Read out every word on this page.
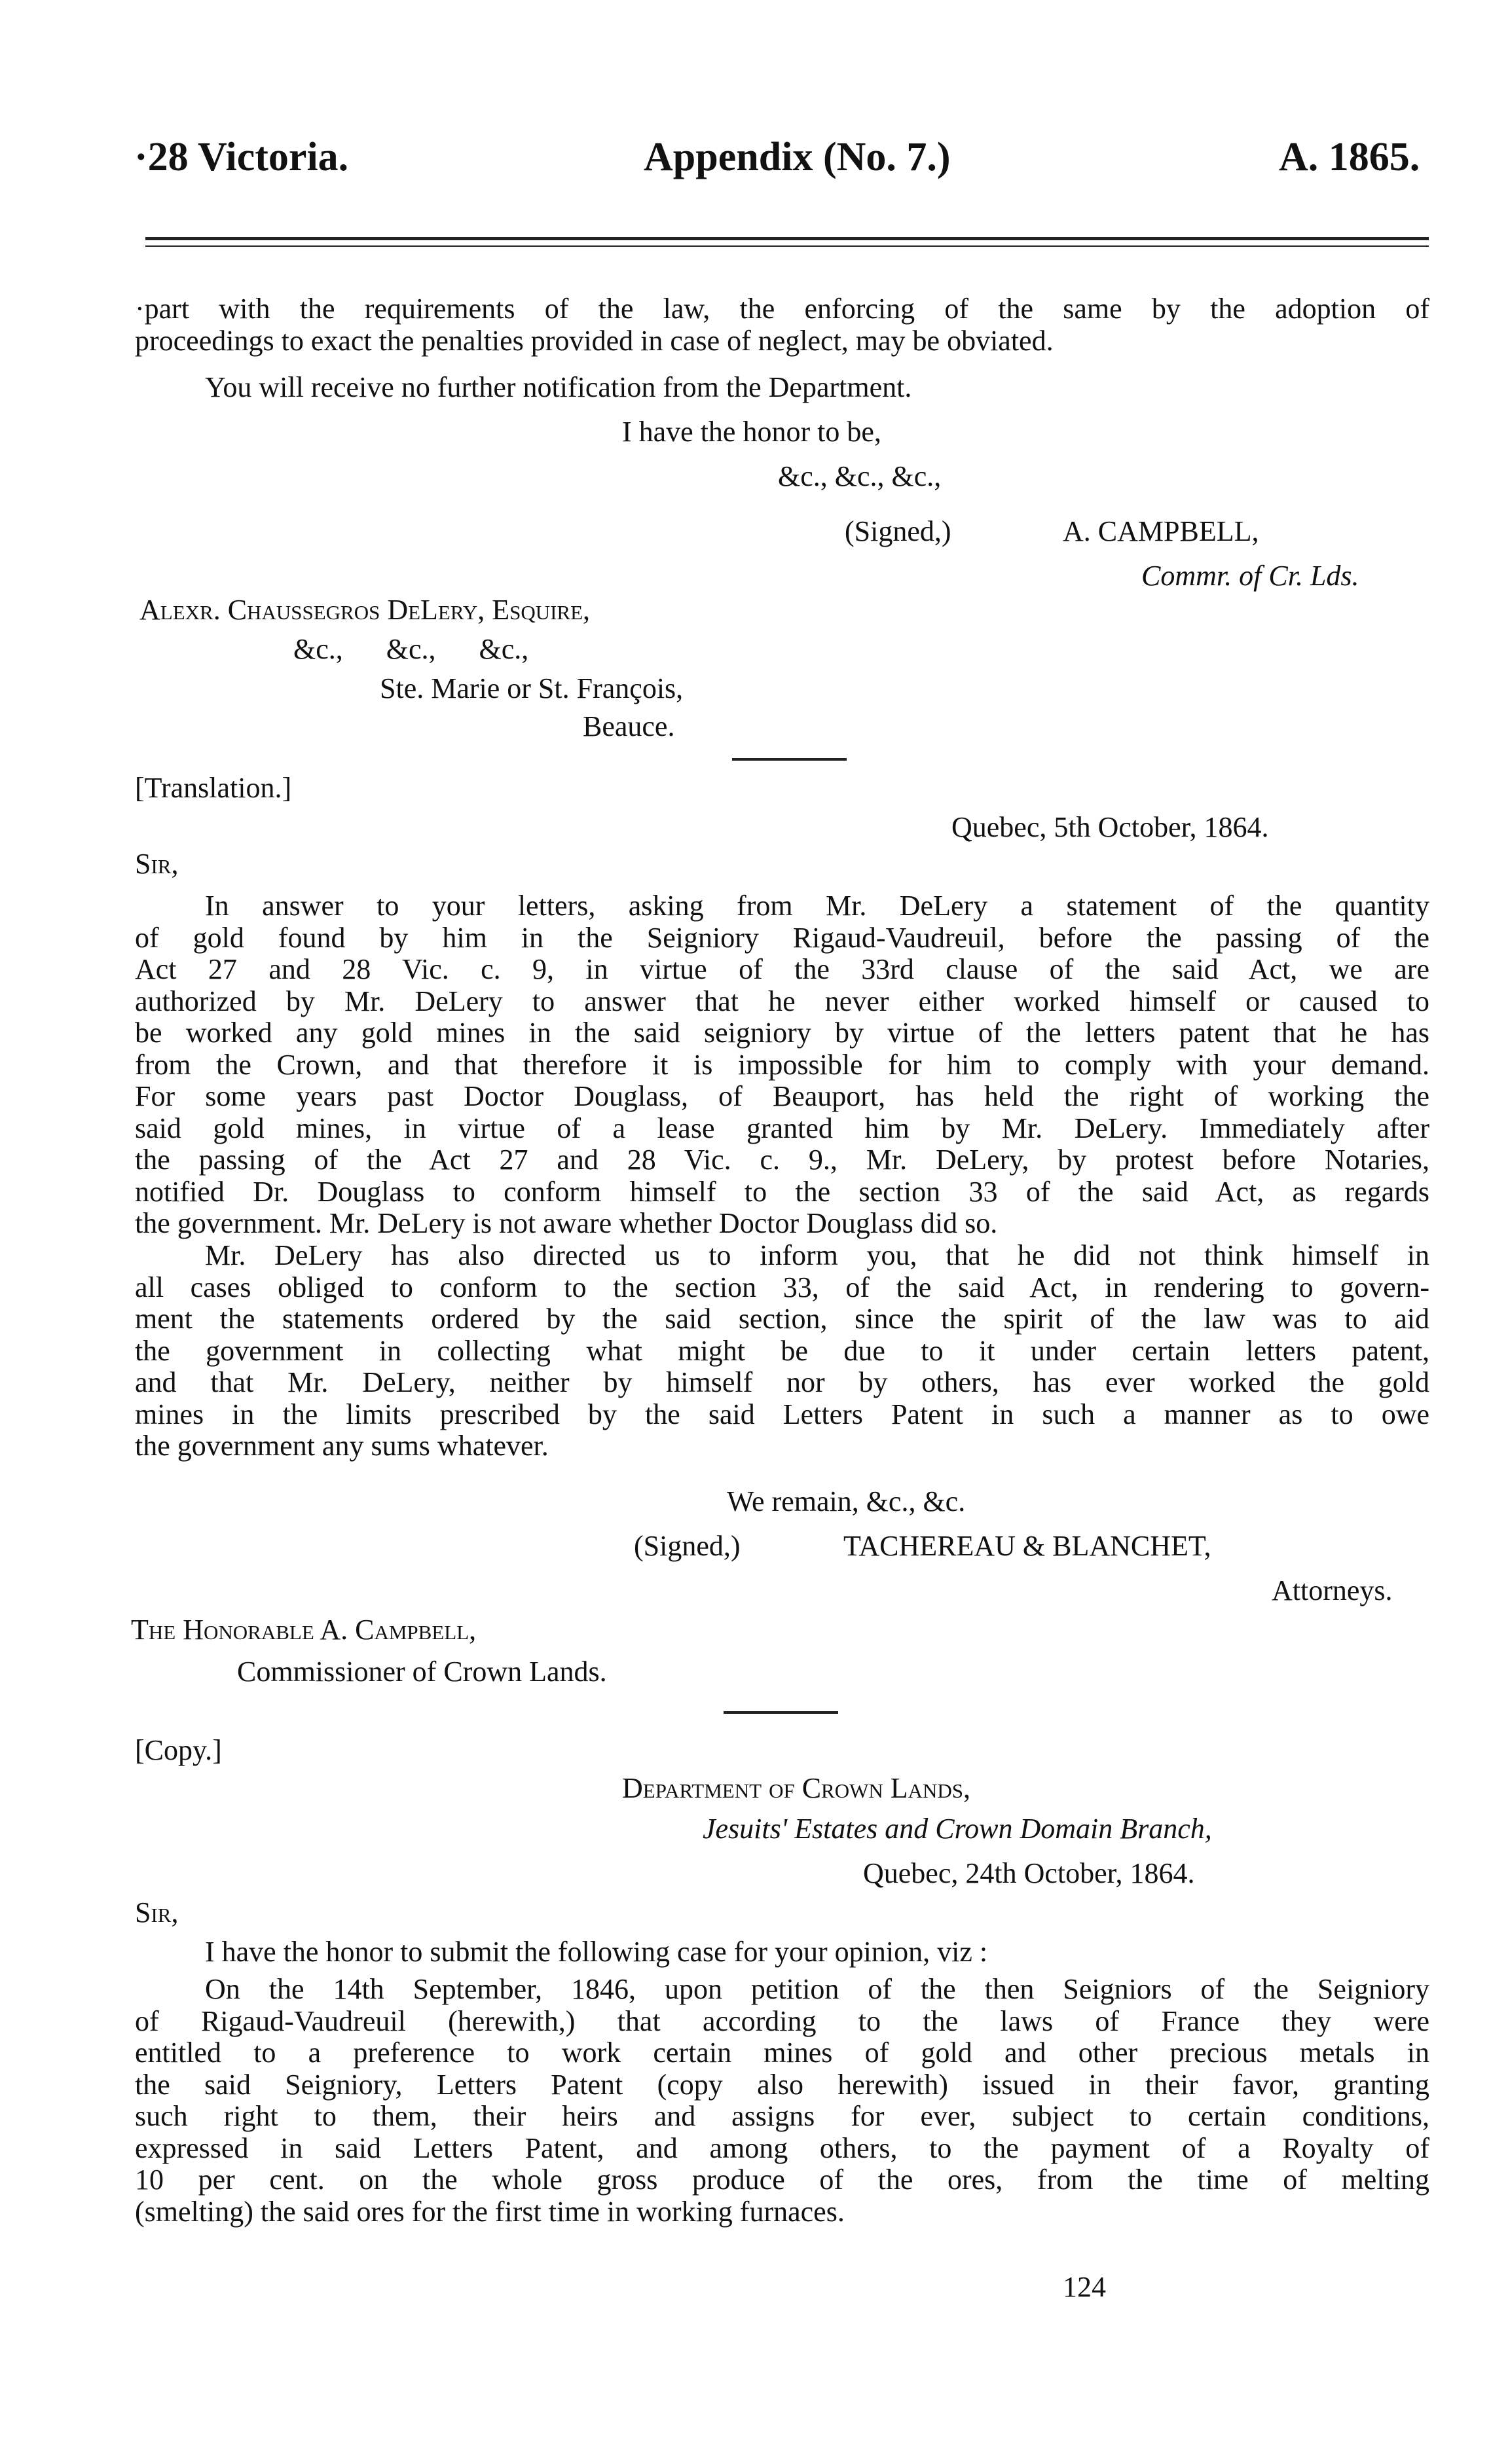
·28 Victoria.	Appendix (No. 7.)	A. 1865.
·part with the requirements of the law, the enforcing of the same by the adoption of
proceedings to exact the penalties provided in case of neglect, may be obviated.
You will receive no further notification from the Department.
I have the honor to be,
&c., &c., &c.,
(Signed,)	A. CAMPBELL,
Commr. of Cr. Lds.
Alexr. Chaussegros DeLery, Esquire,
&c.,      &c.,      &c.,
Ste. Marie or St. François,
Beauce.
[Translation.]
Quebec, 5th October, 1864.
Sir,
In answer to your letters, asking from Mr. DeLery a statement of the quantity
of gold found by him in the Seigniory Rigaud-Vaudreuil, before the passing of the
Act 27 and 28 Vic. c. 9, in virtue of the 33rd clause of the said Act, we are
authorized by Mr. DeLery to answer that he never either worked himself or caused to
be worked any gold mines in the said seigniory by virtue of the letters patent that he has
from the Crown, and that therefore it is impossible for him to comply with your demand.
For some years past Doctor Douglass, of Beauport, has held the right of working the
said gold mines, in virtue of a lease granted him by Mr. DeLery. Immediately after
the passing of the Act 27 and 28 Vic. c. 9., Mr. DeLery, by protest before Notaries,
notified Dr. Douglass to conform himself to the section 33 of the said Act, as regards
the government. Mr. DeLery is not aware whether Doctor Douglass did so.
Mr. DeLery has also directed us to inform you, that he did not think himself in
all cases obliged to conform to the section 33, of the said Act, in rendering to govern-
ment the statements ordered by the said section, since the spirit of the law was to aid
the government in collecting what might be due to it under certain letters patent,
and that Mr. DeLery, neither by himself nor by others, has ever worked the gold
mines in the limits prescribed by the said Letters Patent in such a manner as to owe
the government any sums whatever.
We remain, &c., &c.
(Signed,)	TACHEREAU & BLANCHET,
Attorneys.
The Honorable A. Campbell,
Commissioner of Crown Lands.
[Copy.]
Department of Crown Lands,
Jesuits' Estates and Crown Domain Branch,
Quebec, 24th October, 1864.
Sir,
I have the honor to submit the following case for your opinion, viz :
On the 14th September, 1846, upon petition of the then Seigniors of the Seigniory
of Rigaud-Vaudreuil (herewith,) that according to the laws of France they were
entitled to a preference to work certain mines of gold and other precious metals in
the said Seigniory, Letters Patent (copy also herewith) issued in their favor, granting
such right to them, their heirs and assigns for ever, subject to certain conditions,
expressed in said Letters Patent, and among others, to the payment of a Royalty of
10 per cent. on the whole gross produce of the ores, from the time of melting
(smelting) the said ores for the first time in working furnaces.
124
